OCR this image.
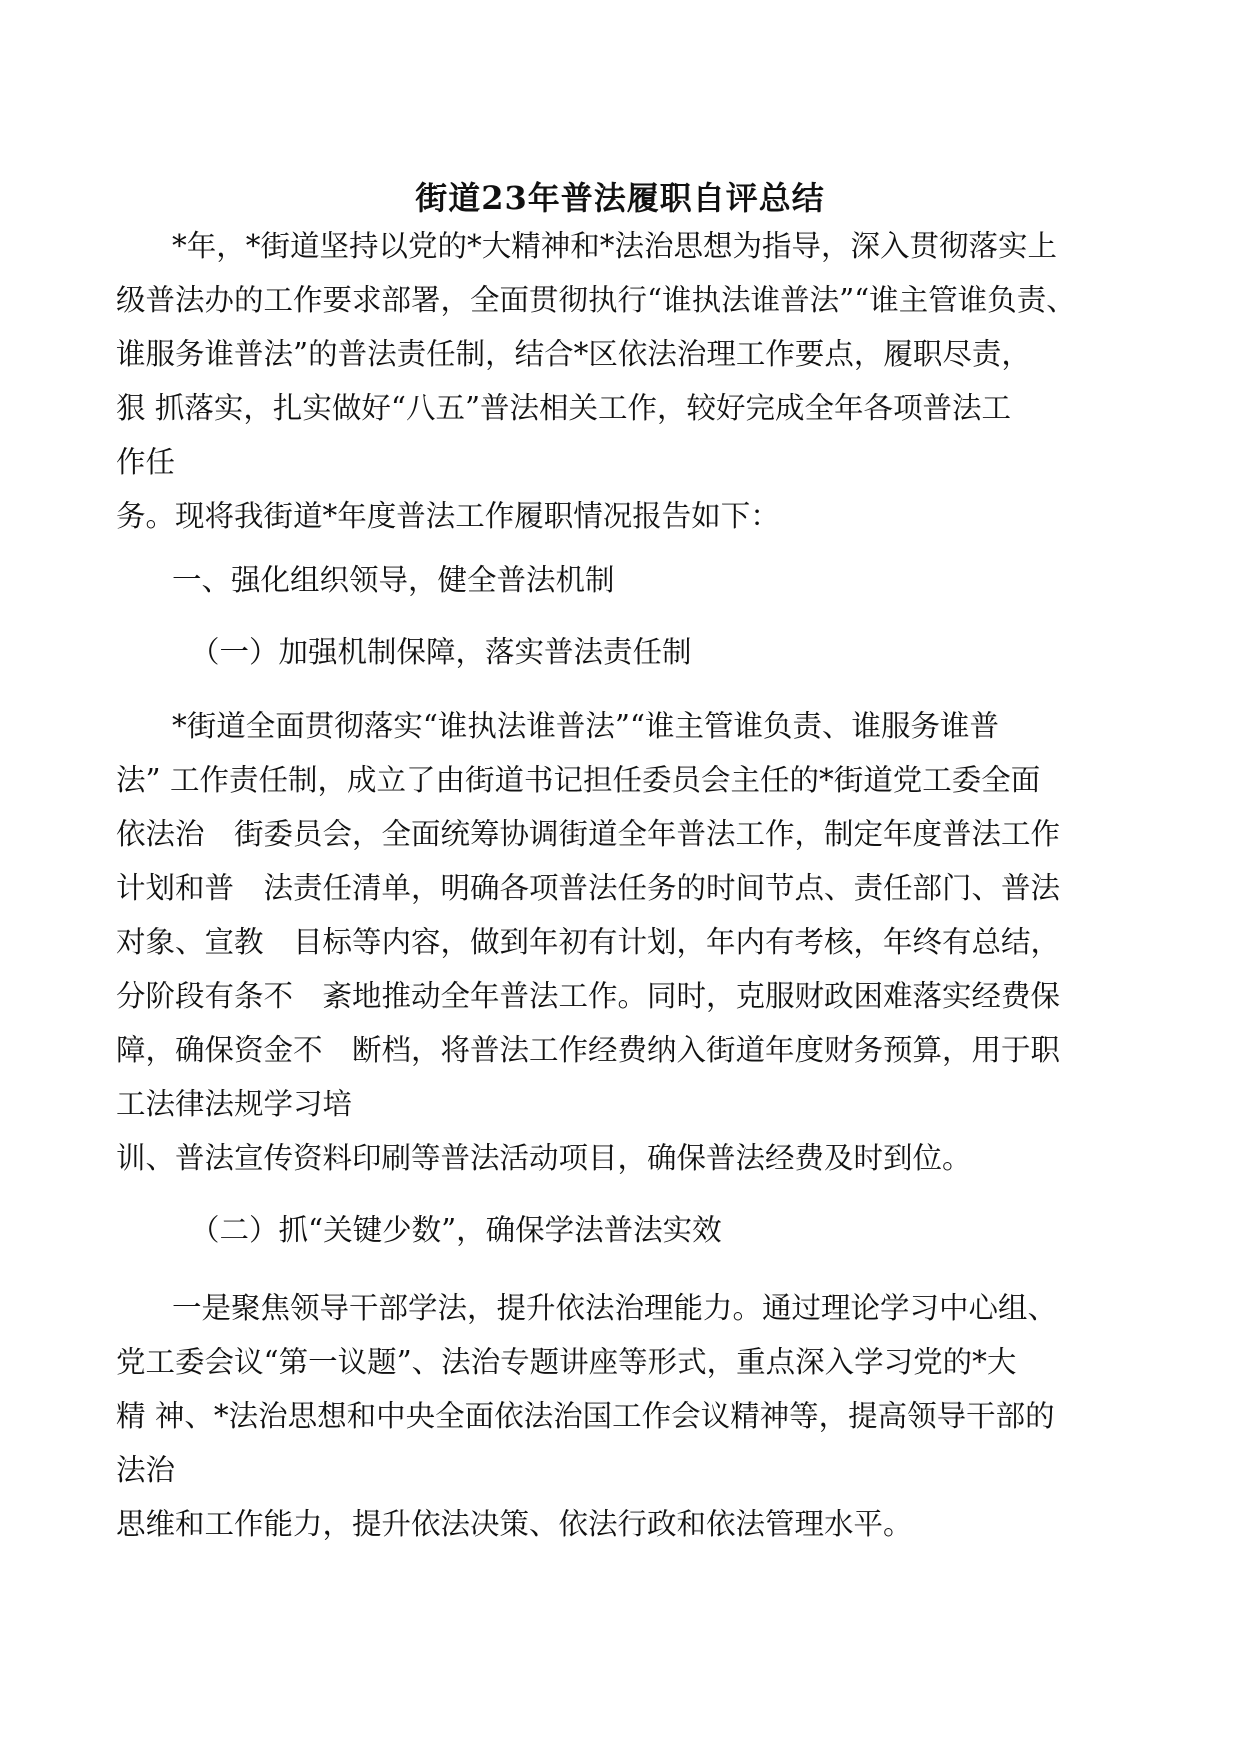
街道23年普法履职自评总结
*年，*街道坚持以党的*大精神和*法治思想为指导，深入贯彻落实上
级普法办的工作要求部署，全面贯彻执行“谁执法谁普法”“谁主管谁负责、
谁服务谁普法”的普法责任制，结合*区依法治理工作要点，履职尽责，
狠 抓落实，扎实做好“八五”普法相关工作，较好完成全年各项普法工
作任
务。现将我街道*年度普法工作履职情况报告如下：
一、强化组织领导，健全普法机制
（一）加强机制保障，落实普法责任制
*街道全面贯彻落实“谁执法谁普法”“谁主管谁负责、谁服务谁普
法” 工作责任制，成立了由街道书记担任委员会主任的*街道党工委全面
依法治　街委员会，全面统筹协调街道全年普法工作，制定年度普法工作
计划和普　法责任清单，明确各项普法任务的时间节点、责任部门、普法
对象、宣教　目标等内容，做到年初有计划，年内有考核，年终有总结，
分阶段有条不　紊地推动全年普法工作。同时，克服财政困难落实经费保
障，确保资金不　断档，将普法工作经费纳入街道年度财务预算，用于职
工法律法规学习培
训、普法宣传资料印刷等普法活动项目，确保普法经费及时到位。
（二）抓“关键少数”，确保学法普法实效
一是聚焦领导干部学法，提升依法治理能力。通过理论学习中心组、
党工委会议“第一议题”、法治专题讲座等形式，重点深入学习党的*大
精 神、*法治思想和中央全面依法治国工作会议精神等，提高领导干部的
法治
思维和工作能力，提升依法决策、依法行政和依法管理水平。
